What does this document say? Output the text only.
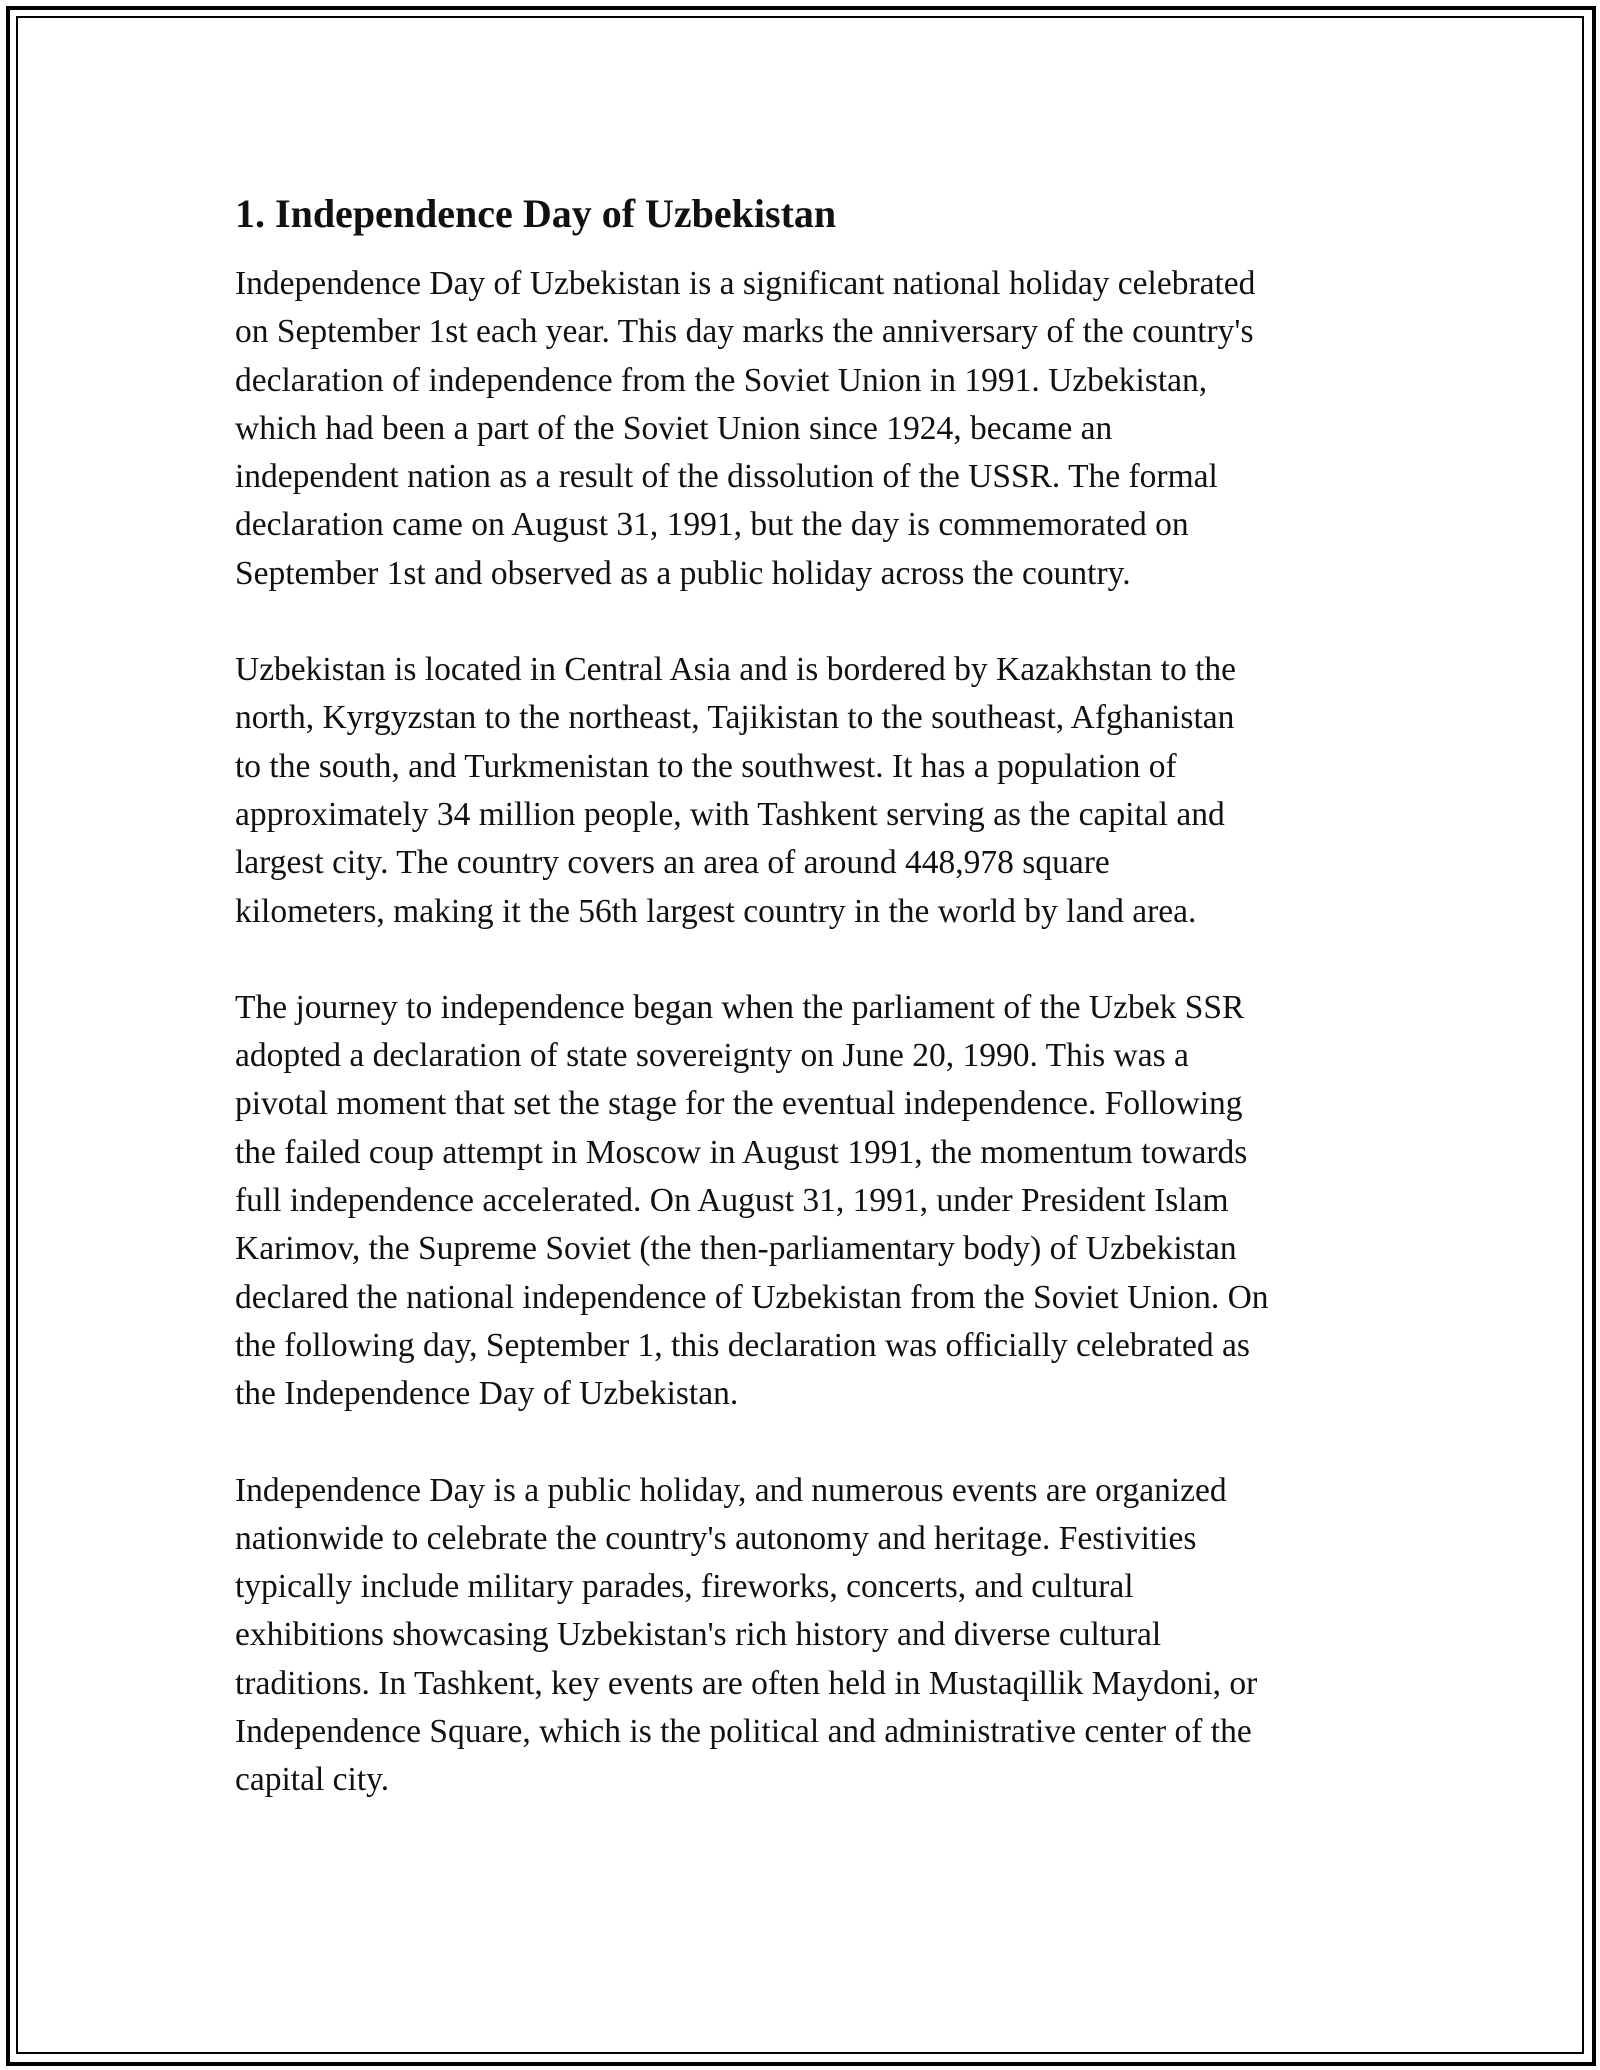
1. Independence Day of Uzbekistan
Independence Day of Uzbekistan is a significant national holiday celebrated
on September 1st each year. This day marks the anniversary of the country's
declaration of independence from the Soviet Union in 1991. Uzbekistan,
which had been a part of the Soviet Union since 1924, became an
independent nation as a result of the dissolution of the USSR. The formal
declaration came on August 31, 1991, but the day is commemorated on
September 1st and observed as a public holiday across the country.
Uzbekistan is located in Central Asia and is bordered by Kazakhstan to the
north, Kyrgyzstan to the northeast, Tajikistan to the southeast, Afghanistan
to the south, and Turkmenistan to the southwest. It has a population of
approximately 34 million people, with Tashkent serving as the capital and
largest city. The country covers an area of around 448,978 square
kilometers, making it the 56th largest country in the world by land area.
The journey to independence began when the parliament of the Uzbek SSR
adopted a declaration of state sovereignty on June 20, 1990. This was a
pivotal moment that set the stage for the eventual independence. Following
the failed coup attempt in Moscow in August 1991, the momentum towards
full independence accelerated. On August 31, 1991, under President Islam
Karimov, the Supreme Soviet (the then-parliamentary body) of Uzbekistan
declared the national independence of Uzbekistan from the Soviet Union. On
the following day, September 1, this declaration was officially celebrated as
the Independence Day of Uzbekistan.
Independence Day is a public holiday, and numerous events are organized
nationwide to celebrate the country's autonomy and heritage. Festivities
typically include military parades, fireworks, concerts, and cultural
exhibitions showcasing Uzbekistan's rich history and diverse cultural
traditions. In Tashkent, key events are often held in Mustaqillik Maydoni, or
Independence Square, which is the political and administrative center of the
capital city.
